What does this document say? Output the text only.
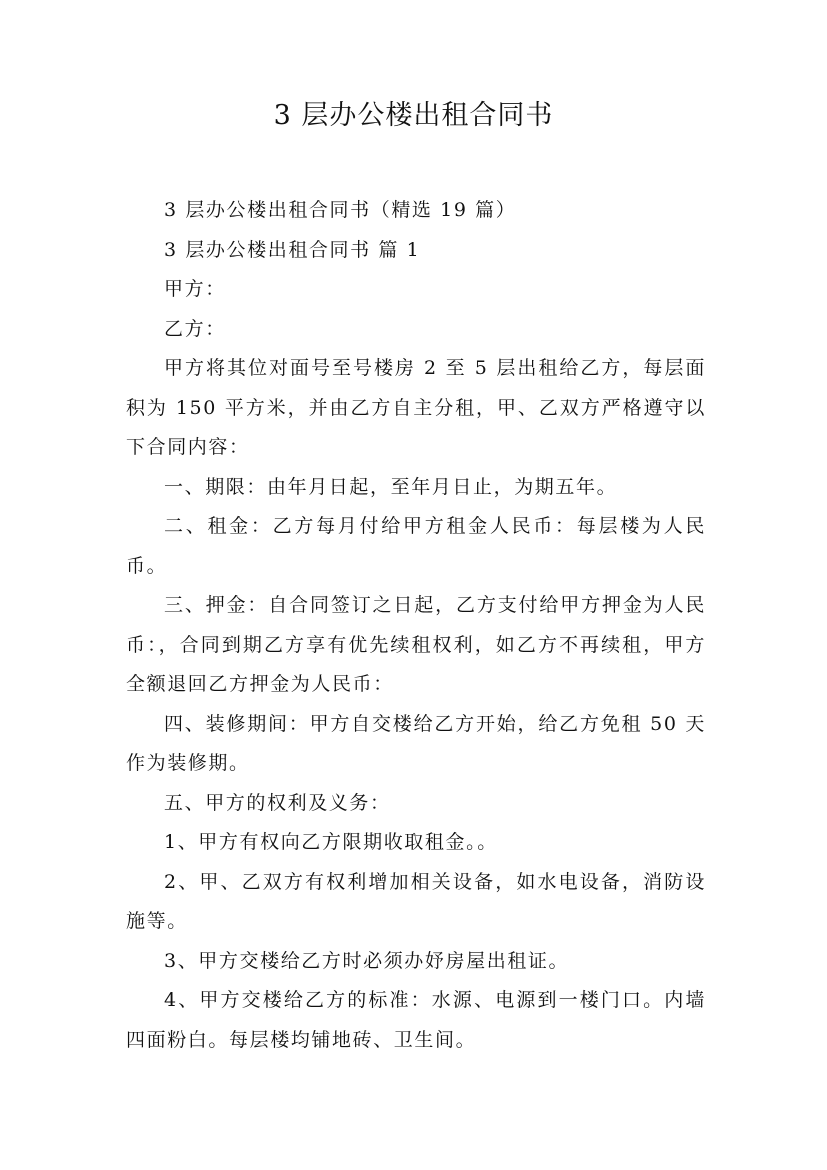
3 层办公楼出租合同书

3 层办公楼出租合同书（精选 19 篇）

3 层办公楼出租合同书 篇 1

甲方：

乙方：

甲方将其位对面号至号楼房 2 至 5 层出租给乙方，每层面积为 150 平方米，并由乙方自主分租，甲、乙双方严格遵守以下合同内容：

一、期限：由年月日起，至年月日止，为期五年。

二、租金：乙方每月付给甲方租金人民币：每层楼为人民币。

三、押金：自合同签订之日起，乙方支付给甲方押金为人民币：，合同到期乙方享有优先续租权利，如乙方不再续租，甲方全额退回乙方押金为人民币：

四、装修期间：甲方自交楼给乙方开始，给乙方免租 50 天作为装修期。

五、甲方的权利及义务：

1、甲方有权向乙方限期收取租金。。

2、甲、乙双方有权利增加相关设备，如水电设备，消防设施等。

3、甲方交楼给乙方时必须办妤房屋出租证。

4、甲方交楼给乙方的标准：水源、电源到一楼门口。内墙四面粉白。每层楼均铺地砖、卫生间。
